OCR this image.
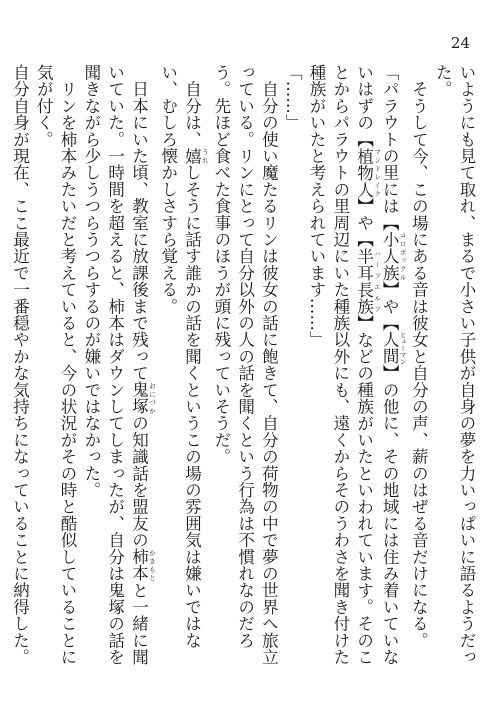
24

いようにも見て取れ、まるで小さい子供が自身の夢を力いっぱいに語るようだった。

　そうして今、この場にある音は彼女と自分の声、薪のはぜる音だけになる。

「パラウトの里には【小人族 コロボックル】や【人間 ヒューマン】の他に、その地域には住み着いていないはずの【植物人 マンドレイク】や【半耳長族 ハーフエルフ】などの種族がいたといわれています。そのことからパラウトの里周辺にいた種族以外にも、遠くからそのうわさを聞き付けた種族がいたと考えられています……」

「……」

　自分の使い魔たるリンは彼女の話に飽きて、自分の荷物の中で夢の世界へ旅立っている。リンにとって自分以外の人の話を聞くという行為は不慣れなのだろう。先ほど食べた食事のほうが頭に残っていそうだ。

　自分は、嬉 うれしそうに話す誰かの話を聞くというこの場の雰囲気は嫌いではない、むしろ懐かしさすら覚える。

　日本にいた頃、教室に放課後まで残って鬼塚 おにづかの知識話を盟友の柿本 かきもとと一緒に聞いていた。一時間を超えると、柿本はダウンしてしまったが、自分は鬼塚の話を聞きながら少しうつらうつらするのが嫌いではなかった。

　リンを柿本みたいだと考えていると、今の状況がその時と酷似していることに気が付く。

自分自身が現在、ここ最近で一番穏やかな気持ちになっていることに納得した。
